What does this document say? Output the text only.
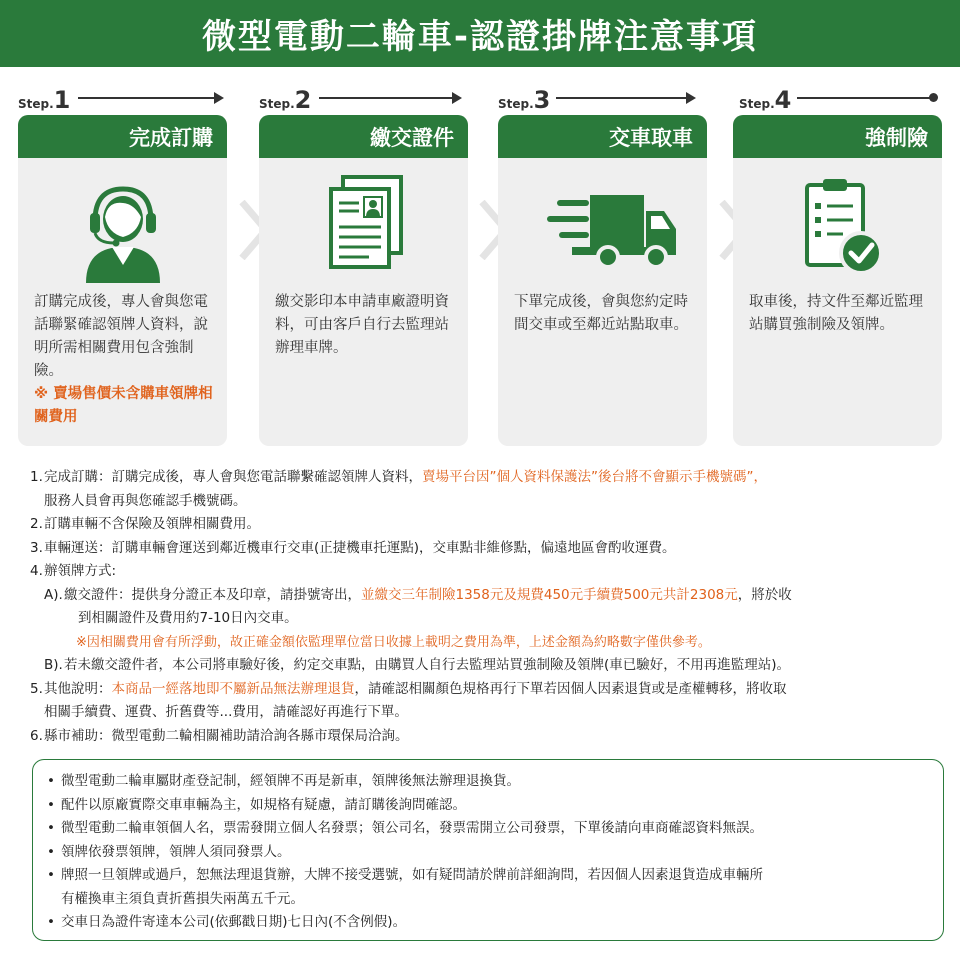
微型電動二輪車-認證掛牌注意事項
Step.1	Step.2	Step.3	Step.4
完成訂購
訂購完成後，專人會與您電話聯緊確認領牌人資料，說明所需相關費用包含強制險。
※ 賣場售價未含購車領牌相關費用
繳交證件
繳交影印本申請車廠證明資料，可由客戶自行去監理站辦理車牌。
交車取車
下單完成後，會與您約定時間交車或至鄰近站點取車。
強制險
取車後，持文件至鄰近監理站購買強制險及領牌。
1. 完成訂購：訂購完成後，專人會與您電話聯繫確認領牌人資料，賣場平台因”個人資料保護法”後台將不會顯示手機號碼”，
服務人員會再與您確認手機號碼。
2. 訂購車輛不含保險及領牌相關費用。
3. 車輛運送：訂購車輛會運送到鄰近機車行交車(正捷機車托運點)，交車點非維修點，偏遠地區會酌收運費。
4. 辦領牌方式:
A). 繳交證件：提供身分證正本及印章，請掛號寄出，並繳交三年制險1358元及規費450元手續費500元共計2308元，將於收
到相關證件及費用約7-10日內交車。
※因相關費用會有所浮動，故正確金額依監理單位當日收據上載明之費用為準，上述金額為約略數字僅供參考。
B). 若未繳交證件者，本公司將車驗好後，約定交車點，由購買人自行去監理站買強制險及領牌(車已驗好，不用再進監理站)。
5. 其他說明：本商品一經落地即不屬新品無法辦理退貨，請確認相關顏色規格再行下單若因個人因素退貨或是產權轉移，將收取
相關手續費、運費、折舊費等...費用，請確認好再進行下單。
6. 縣市補助：微型電動二輪相關補助請洽詢各縣市環保局洽詢。
• 微型電動二輪車屬財產登記制，經領牌不再是新車，領牌後無法辦理退換貨。
• 配件以原廠實際交車車輛為主，如規格有疑慮，請訂購後詢問確認。
• 微型電動二輪車領個人名，票需發開立個人名發票；領公司名，發票需開立公司發票，下單後請向車商確認資料無誤。
• 領牌依發票領牌，領牌人須同發票人。
• 牌照一旦領牌或過戶，恕無法理退貨辦，大牌不接受選號，如有疑問請於牌前詳細詢問，若因個人因素退貨造成車輛所
有權換車主須負責折舊損失兩萬五千元。
• 交車日為證件寄達本公司(依郵戳日期)七日內(不含例假)。
